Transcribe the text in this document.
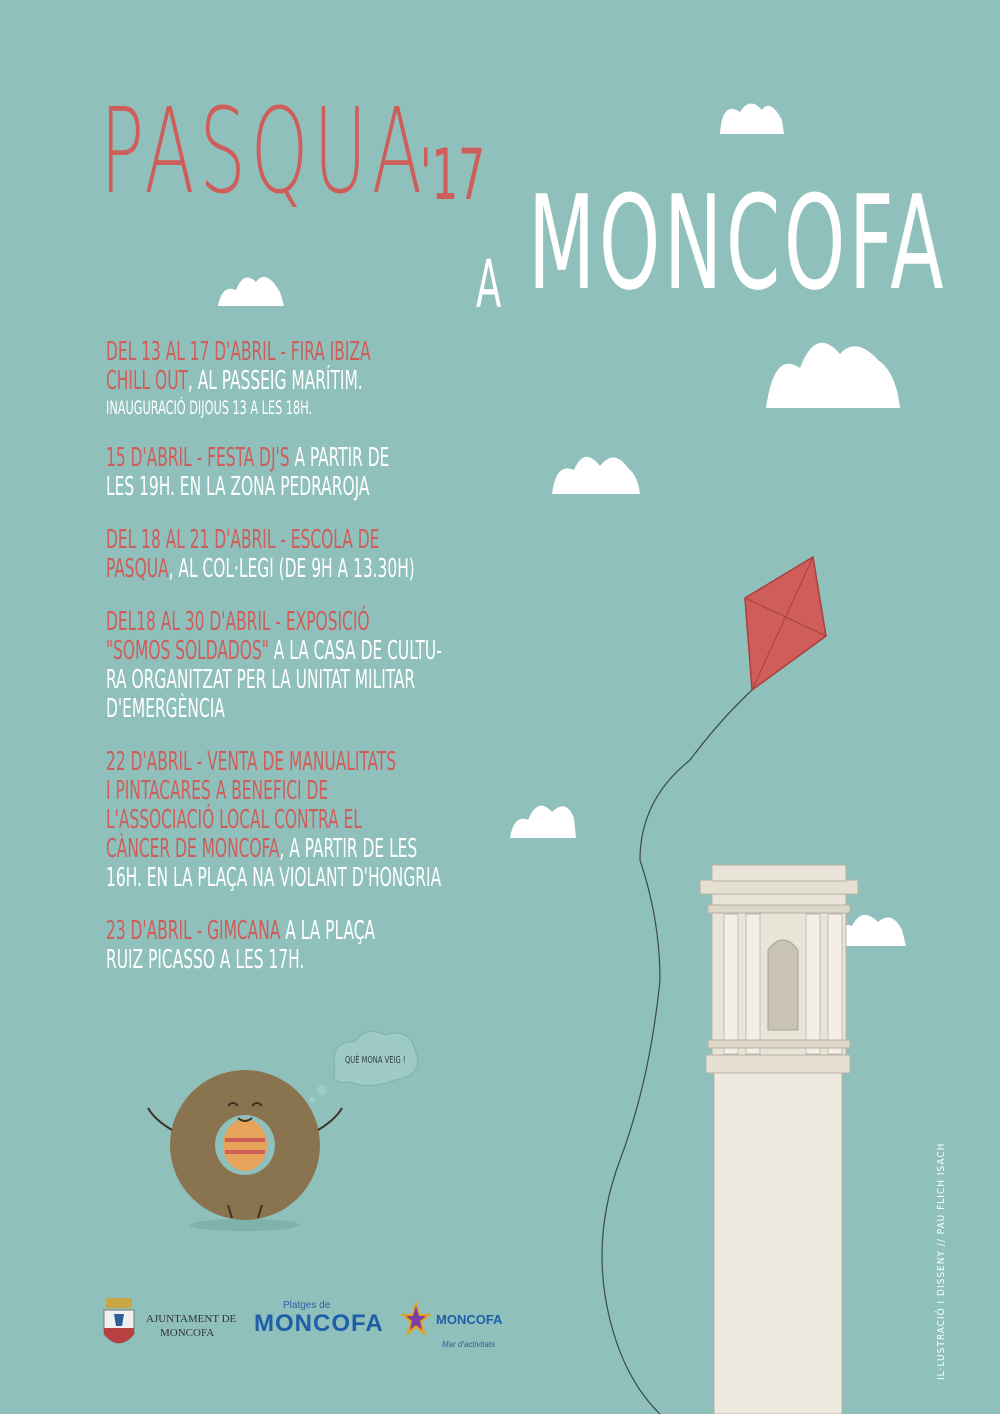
PASQUA
'17 MONCOFA
A

DEL 13 AL 17 D'ABRIL - FIRA IBIZA

CHILL OUT, AL PASSEIG MARÍTIM.

INAUGURACIÓ DIJOUS 13 A LES 18H.

15 D'ABRIL - FESTA DJ'S A PARTIR DE

LES 19H. EN LA ZONA PEDRAROJA

DEL 18 AL 21 D'ABRIL - ESCOLA DE

PASQUA, AL COL·LEGI (DE 9H A 13.30H)

DEL18 AL 30 D'ABRIL - EXPOSICIÓ

"SOMOS SOLDADOS" A LA CASA DE CULTU-

RA ORGANITZAT PER LA UNITAT MILITAR

D'EMERGÈNCIA

22 D'ABRIL - VENTA DE MANUALITATS

I PINTACARES A BENEFICI DE

L'ASSOCIACIÓ LOCAL CONTRA EL

CÀNCER DE MONCOFA, A PARTIR DE LES

16H. EN LA PLAÇA NA VIOLANT D'HONGRIA

23 D'ABRIL - GIMCANA A LA PLAÇA

RUIZ PICASSO A LES 17H.

QUÈ MONA VEIG !
AJUNTAMENT DE
MONCOFA
Platges de
MONCOFA	MONCOFA
Mar d'activitats	IL·LUSTRACIÓ I DISSENY // PAU FLICH ISACH
